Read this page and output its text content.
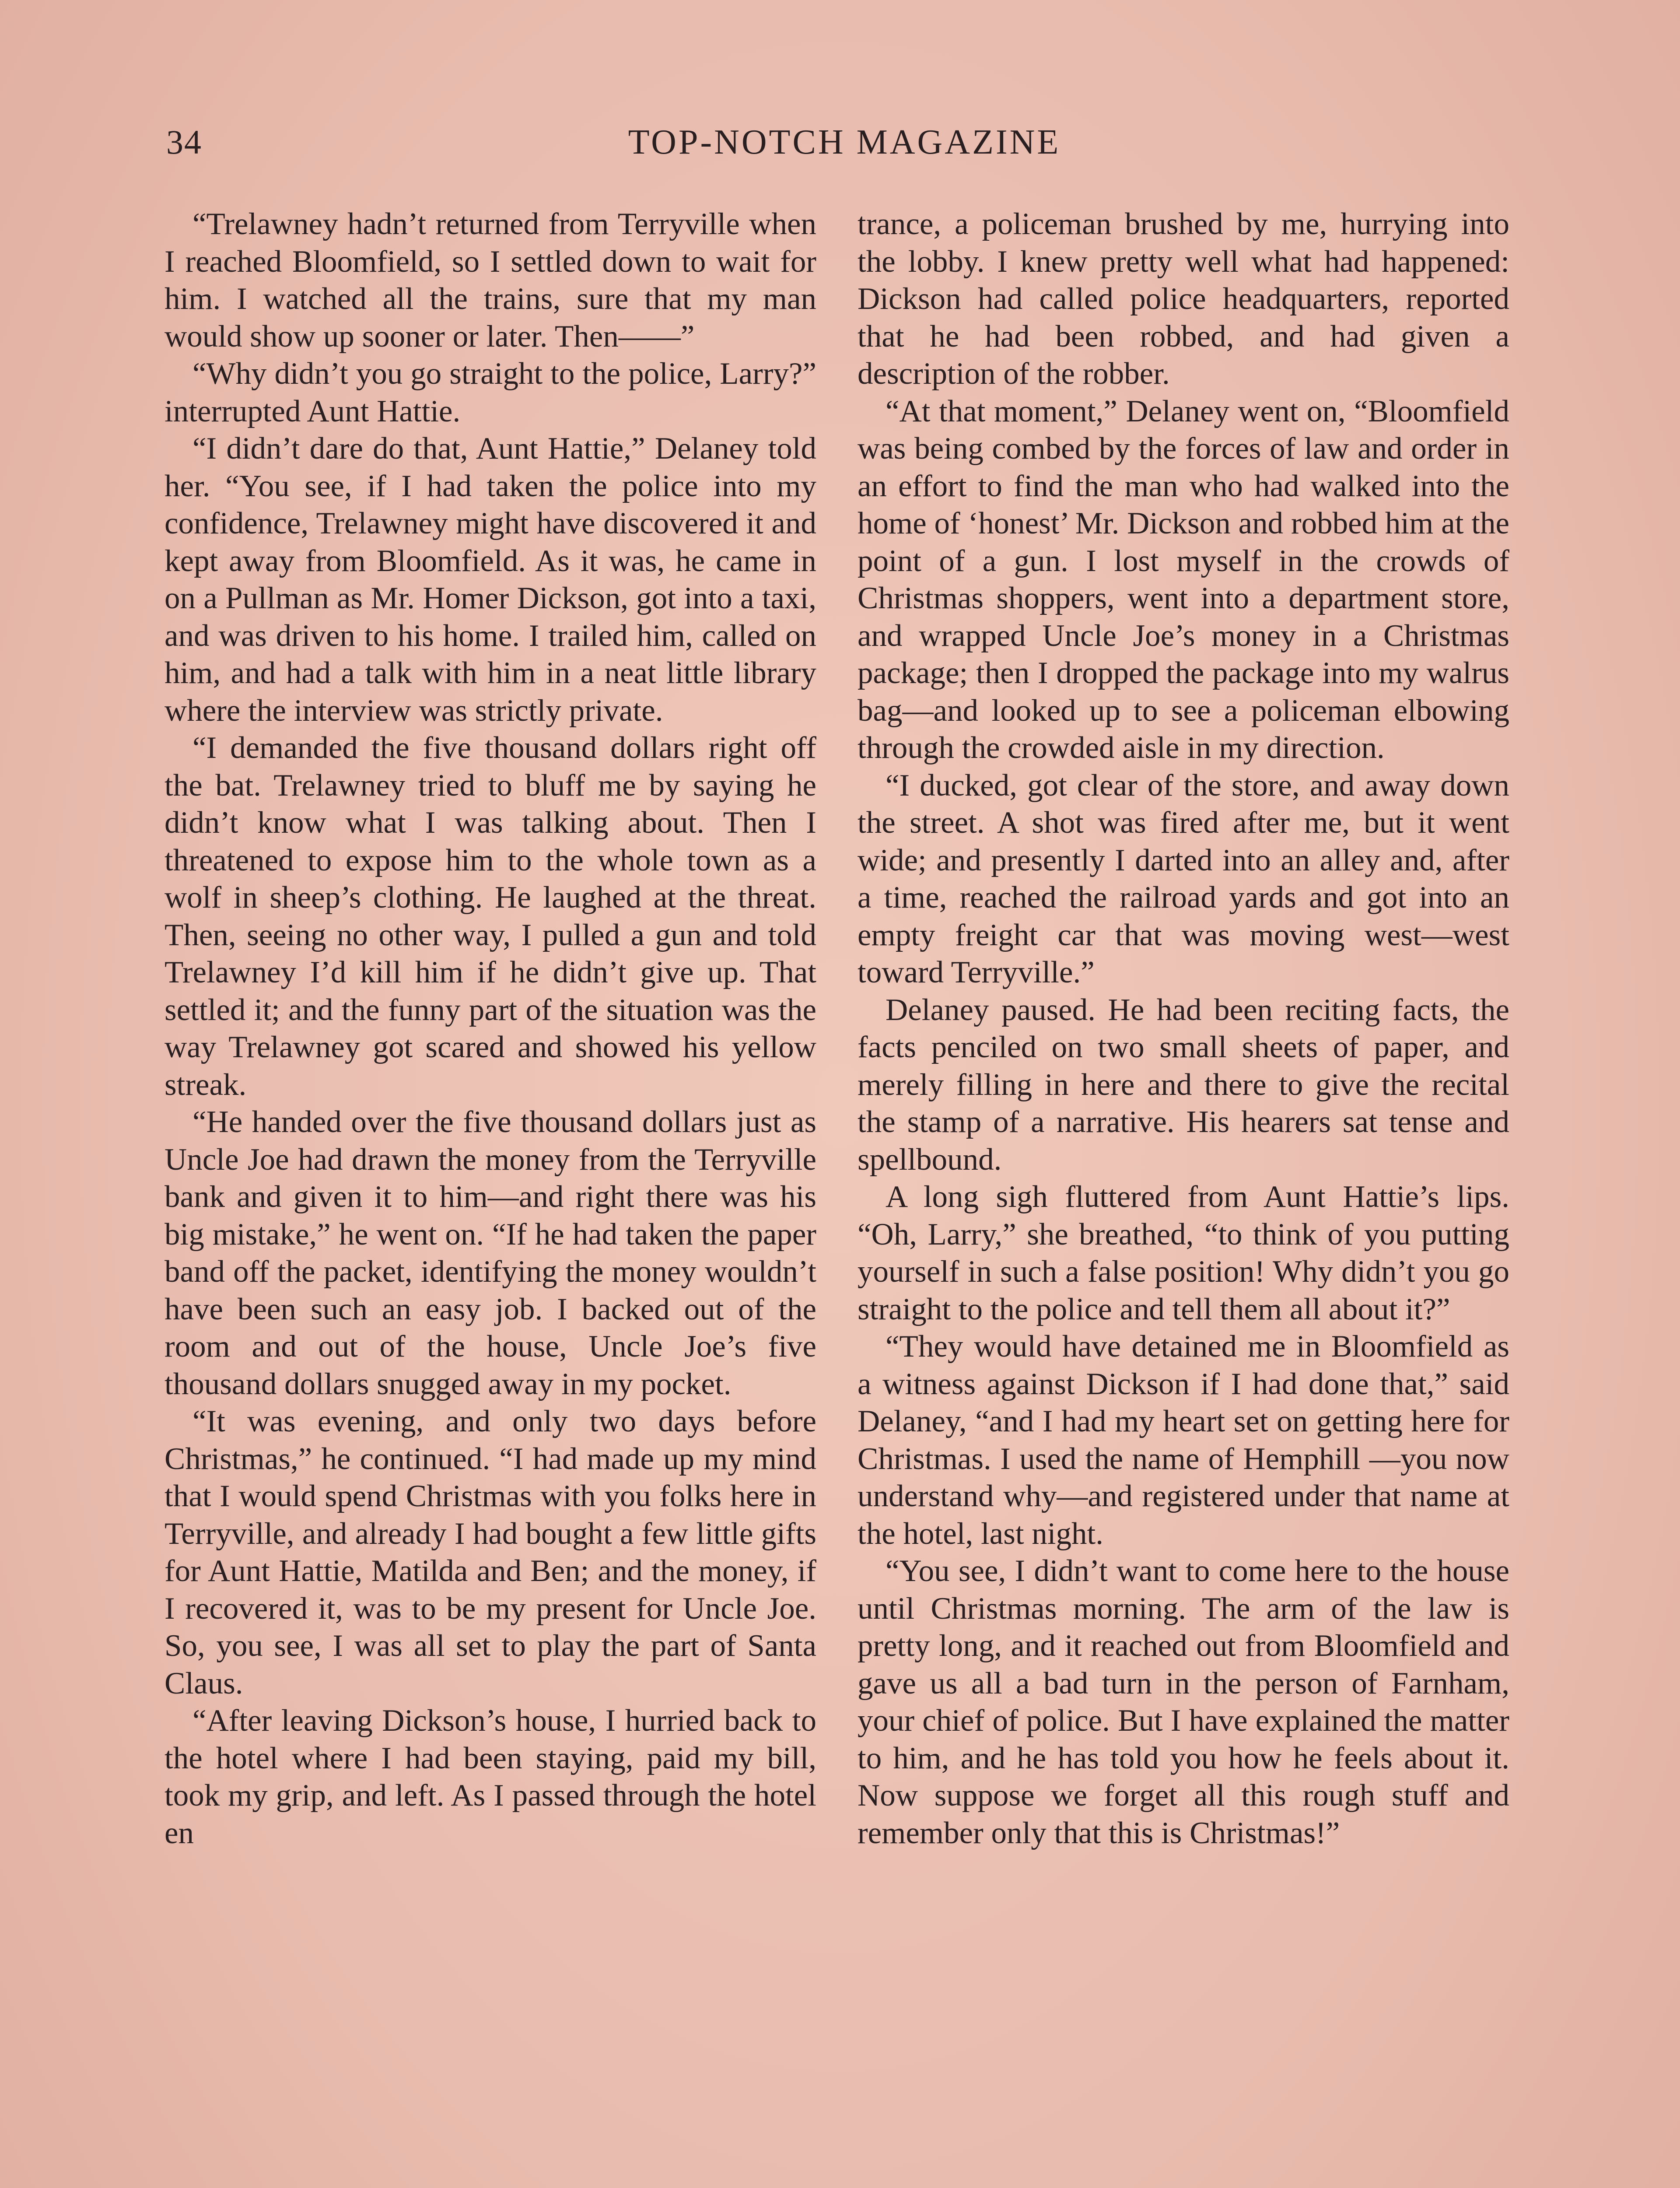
34	TOP-NOTCH MAGAZINE

“Trelawney hadn’t returned from Terryville when I reached Bloomfield, so I settled down to wait for him. I watched all the trains, sure that my man would show up sooner or later. Then——”

“Why didn’t you go straight to the police, Larry?” interrupted Aunt Hattie.

“I didn’t dare do that, Aunt Hattie,” Delaney told her. “You see, if I had taken the police into my confidence, Trelawney might have discovered it and kept away from Bloomfield. As it was, he came in on a Pullman as Mr. Homer Dickson, got into a taxi, and was driven to his home. I trailed him, called on him, and had a talk with him in a neat little library where the interview was strictly private.

“I demanded the five thousand dollars right off the bat. Trelawney tried to bluff me by saying he didn’t know what I was talking about. Then I threatened to expose him to the whole town as a wolf in sheep’s clothing. He laughed at the threat. Then, seeing no other way, I pulled a gun and told Trelawney I’d kill him if he didn’t give up. That settled it; and the funny part of the situation was the way Trelawney got scared and showed his yellow streak.

“He handed over the five thousand dollars just as Uncle Joe had drawn the money from the Terryville bank and given it to him—and right there was his big mistake,” he went on. “If he had taken the paper band off the packet, identifying the money wouldn’t have been such an easy job. I backed out of the room and out of the house, Uncle Joe’s five thousand dollars snugged away in my pocket.

“It was evening, and only two days before Christmas,” he continued. “I had made up my mind that I would spend Christmas with you folks here in Terryville, and already I had bought a few little gifts for Aunt Hattie, Matilda and Ben; and the money, if I recovered it, was to be my present for Uncle Joe. So, you see, I was all set to play the part of Santa Claus.

“After leaving Dickson’s house, I hurried back to the hotel where I had been staying, paid my bill, took my grip, and left. As I passed through the hotel en

trance, a policeman brushed by me, hurrying into the lobby. I knew pretty well what had happened: Dickson had called police headquarters, reported that he had been robbed, and had given a description of the robber.

“At that moment,” Delaney went on, “Bloomfield was being combed by the forces of law and order in an effort to find the man who had walked into the home of ‘honest’ Mr. Dickson and robbed him at the point of a gun. I lost myself in the crowds of Christmas shoppers, went into a department store, and wrapped Uncle Joe’s money in a Christmas package; then I dropped the package into my walrus bag—and looked up to see a policeman elbowing through the crowded aisle in my direction.

“I ducked, got clear of the store, and away down the street. A shot was fired after me, but it went wide; and presently I darted into an alley and, after a time, reached the railroad yards and got into an empty freight car that was moving west—west toward Terryville.”

Delaney paused. He had been reciting facts, the facts penciled on two small sheets of paper, and merely filling in here and there to give the recital the stamp of a narrative. His hearers sat tense and spellbound.

A long sigh fluttered from Aunt Hattie’s lips. “Oh, Larry,” she breathed, “to think of you putting yourself in such a false position! Why didn’t you go straight to the police and tell them all about it?”

“They would have detained me in Bloomfield as a witness against Dickson if I had done that,” said Delaney, “and I had my heart set on getting here for Christmas. I used the name of Hemphill —you now understand why—and registered under that name at the hotel, last night.

“You see, I didn’t want to come here to the house until Christmas morning. The arm of the law is pretty long, and it reached out from Bloomfield and gave us all a bad turn in the person of Farnham, your chief of police. But I have explained the matter to him, and he has told you how he feels about it. Now suppose we forget all this rough stuff and remember only that this is Christmas!”
